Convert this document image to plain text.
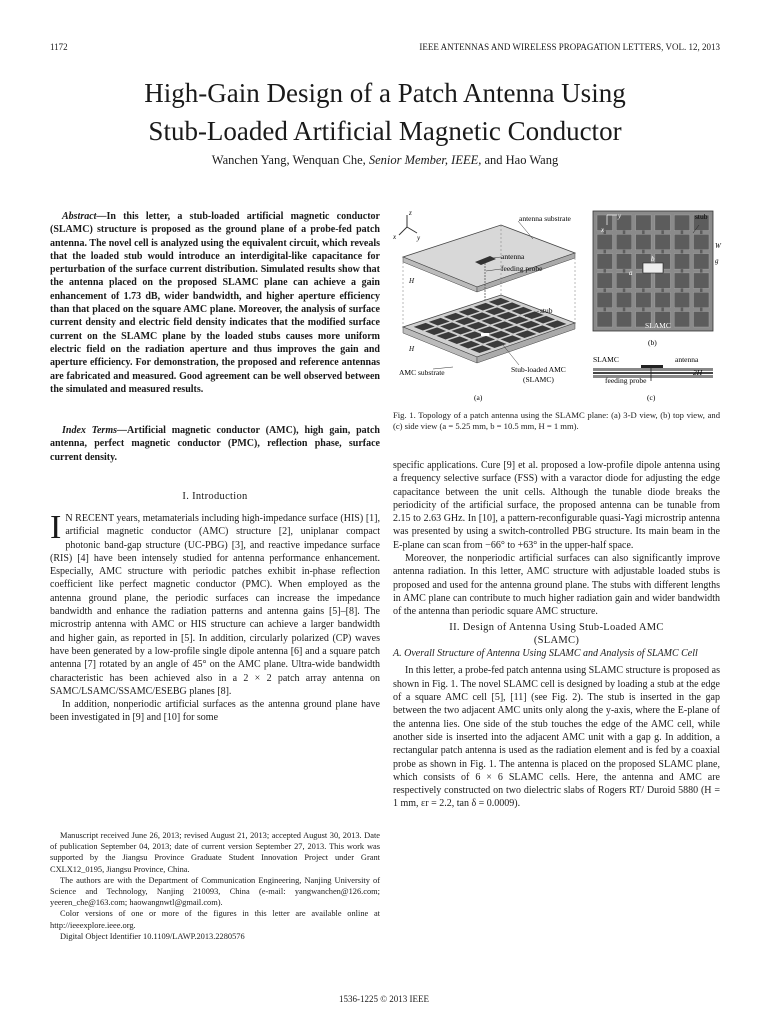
1172	IEEE ANTENNAS AND WIRELESS PROPAGATION LETTERS, VOL. 12, 2013
High-Gain Design of a Patch Antenna Using
Stub-Loaded Artificial Magnetic Conductor
Wanchen Yang, Wenquan Che, Senior Member, IEEE, and Hao Wang
Abstract—In this letter, a stub-loaded artificial magnetic conductor (SLAMC) structure is proposed as the ground plane of a probe-fed patch antenna. The novel cell is analyzed using the equivalent circuit, which reveals that the loaded stub would introduce an interdigital-like capacitance for perturbation of the surface current distribution. Simulated results show that the antenna placed on the proposed SLAMC plane can achieve a gain enhancement of 1.73 dB, wider bandwidth, and higher aperture efficiency than that placed on the square AMC plane. Moreover, the analysis of surface current density and electric field density indicates that the modified surface current on the SLAMC plane by the loaded stubs causes more uniform electric field on the radiation aperture and thus improves the gain and aperture efficiency. For demonstration, the proposed and reference antennas are fabricated and measured. Good agreement can be well observed between the simulated and measured results.
Index Terms—Artificial magnetic conductor (AMC), high gain, patch antenna, perfect magnetic conductor (PMC), reflection phase, surface current density.
I. Introduction

I N RECENT years, metamaterials including high-impedance surface (HIS) [1], artificial magnetic conductor (AMC) structure [2], uniplanar compact photonic band-gap structure (UC-PBG) [3], and reactive impedance surface (RIS) [4] have been intensely studied for antenna performance enhancement. Especially, AMC structure with periodic patches exhibit in-phase reflection coefficient like perfect magnetic conductor (PMC). When employed as the antenna ground plane, the periodic surfaces can increase the impedance bandwidth and enhance the radiation patterns and antenna gains [5]–[8]. The microstrip antenna with AMC or HIS structure can achieve a larger bandwidth and higher gain, as reported in [5]. In addition, circularly polarized (CP) waves have been generated by a low-profile single dipole antenna [6] and a square patch antenna [7] rotated by an angle of 45° on the AMC plane. Ultra-wide bandwidth characteristic has been achieved also in a 2 × 2 patch array antenna on SAMC/LSAMC/SSAMC/ESEBG planes [8].

In addition, nonperiodic artificial surfaces as the antenna ground plane have been investigated in [9] and [10] for some

Manuscript received June 26, 2013; revised August 21, 2013; accepted August 30, 2013. Date of publication September 04, 2013; date of current version September 27, 2013. This work was supported by the Jiangsu Province Graduate Student Innovation Project under Grant CXLX12_0195, Jiangsu Province, China.

The authors are with the Department of Communication Engineering, Nanjing University of Science and Technology, Nanjing 210093, China (e-mail: yangwanchen@126.com; yeeren_che@163.com; haowangnwtl@gmail.com).

Color versions of one or more of the figures in this letter are available online at http://ieeexplore.ieee.org.

Digital Object Identifier 10.1109/LAWP.2013.2280576

z
x	y
H
H
antenna substrate
antenna
feeding probe
stub
AMC substrate	Stub-loaded AMC
(SLAMC)
(a)
y
x
b
a
stub
W
g
SLAMC
(b)
SLAMC	antenna
feeding probe
2H
(c)
Fig. 1. Topology of a patch antenna using the SLAMC plane: (a) 3-D view, (b) top view, and (c) side view (a = 5.25 mm, b = 10.5 mm, H = 1 mm).

specific applications. Cure [9] et al. proposed a low-profile dipole antenna using a frequency selective surface (FSS) with a varactor diode for adjusting the edge capacitance between the unit cells. Although the tunable diode breaks the periodicity of the artificial surface, the proposed antenna can be tunable from 2.15 to 2.63 GHz. In [10], a pattern-reconfigurable quasi-Yagi microstrip antenna was presented by using a switch-controlled PBG structure. Its main beam in the E-plane can scan from −66° to +63° in the upper-half space.

Moreover, the nonperiodic artificial surfaces can also significantly improve antenna radiation. In this letter, AMC structure with adjustable loaded stubs is proposed and used for the antenna ground plane. The stubs with different lengths in AMC plane can contribute to much higher radiation gain and wider bandwidth of the antenna than periodic square AMC structure.

II. Design of Antenna Using Stub-Loaded AMC
(SLAMC)
A. Overall Structure of Antenna Using SLAMC and Analysis of SLAMC Cell

In this letter, a probe-fed patch antenna using SLAMC structure is proposed as shown in Fig. 1. The novel SLAMC cell is designed by loading a stub at the edge of a square AMC cell [5], [11] (see Fig. 2). The stub is inserted in the gap between the two adjacent AMC units only along the y-axis, where the E-plane of the antenna lies. One side of the stub touches the edge of the AMC cell, while another side is inserted into the adjacent AMC unit with a gap g. In addition, a rectangular patch antenna is used as the radiation element and is fed by a coaxial probe as shown in Fig. 1. The antenna is placed on the proposed SLAMC plane, which consists of 6 × 6 SLAMC cells. Here, the antenna and AMC are respectively constructed on two dielectric slabs of Rogers RT/ Duroid 5880 (H = 1 mm, εr = 2.2, tan δ = 0.0009).

1536-1225 © 2013 IEEE
